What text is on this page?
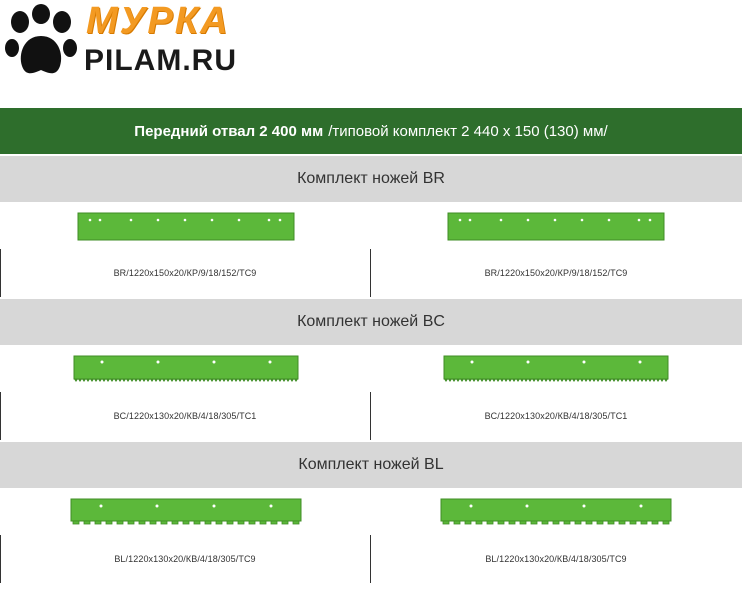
МУРКА
PILAM.RU
Передний отвал 2 400 мм /типовой комплект 2 440 х 150 (130) мм/
Комплект ножей BR
BR/1220х150х20/КР/9/18/152/ТС9	BR/1220х150х20/КР/9/18/152/ТС9
Комплект ножей BC
BC/1220х130х20/КВ/4/18/305/ТС1	BC/1220х130х20/КВ/4/18/305/ТС1
Комплект ножей BL
BL/1220х130х20/КВ/4/18/305/ТС9	BL/1220х130х20/КВ/4/18/305/ТС9
